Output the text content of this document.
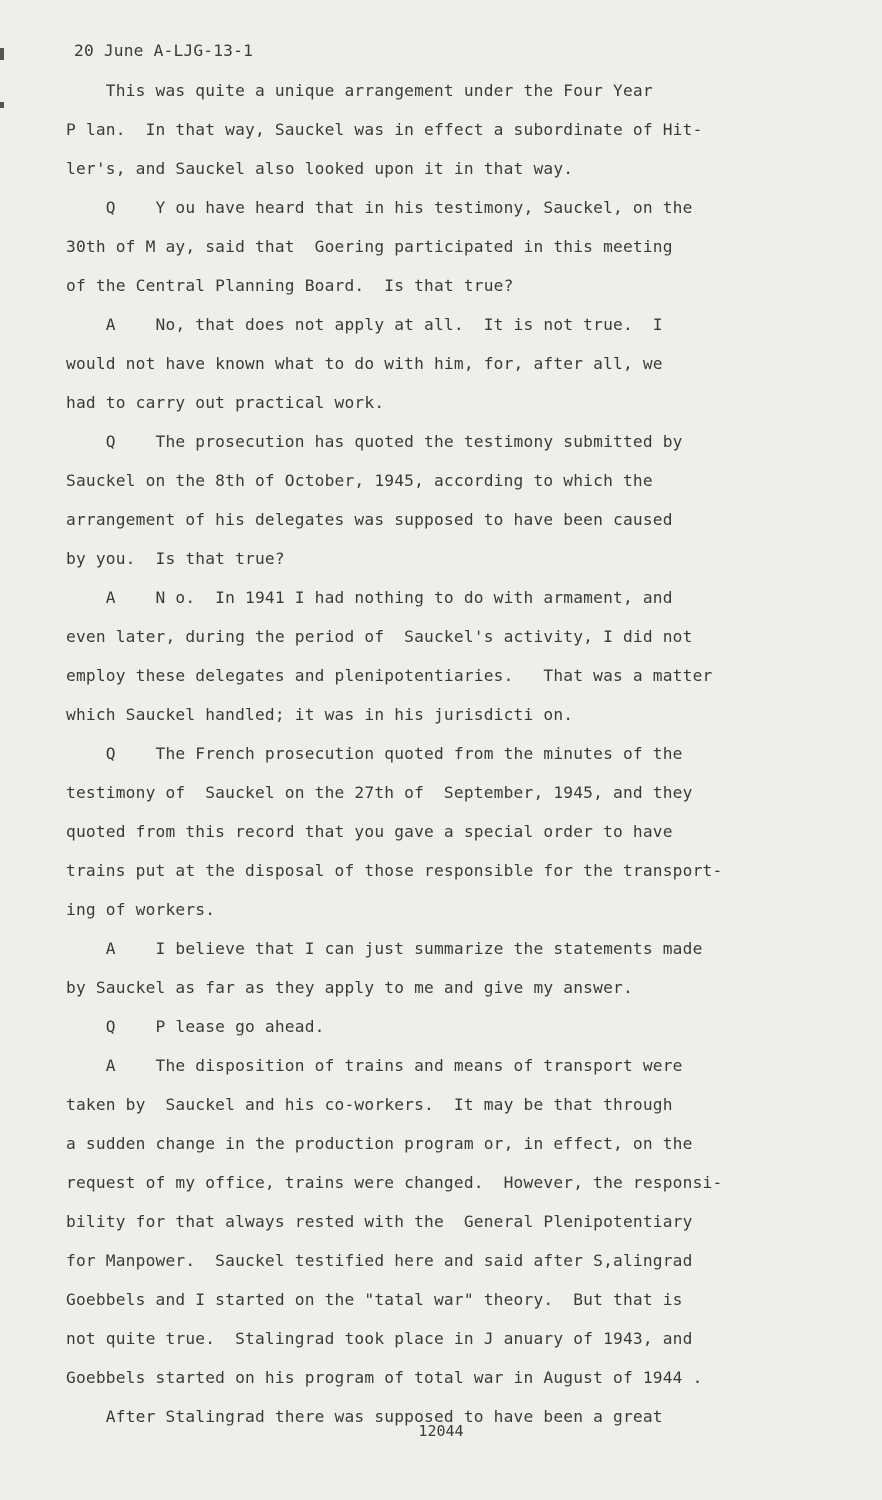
20 June A-LJG-13-1
This was quite a unique arrangement under the Four Year
P lan.  In that way, Sauckel was in effect a subordinate of Hit-
ler's, and Sauckel also looked upon it in that way.
Q    Y ou have heard that in his testimony, Sauckel, on the
30th of M ay, said that  Goering participated in this meeting
of the Central Planning Board.  Is that true?
A    No, that does not apply at all.  It is not true.  I
would not have known what to do with him, for, after all, we
had to carry out practical work.
Q    The prosecution has quoted the testimony submitted by
Sauckel on the 8th of October, 1945, according to which the
arrangement of his delegates was supposed to have been caused
by you.  Is that true?
A    N o.  In 1941 I had nothing to do with armament, and
even later, during the period of  Sauckel's activity, I did not
employ these delegates and plenipotentiaries.   That was a matter
which Sauckel handled; it was in his jurisdicti on.
Q    The French prosecution quoted from the minutes of the
testimony of  Sauckel on the 27th of  September, 1945, and they
quoted from this record that you gave a special order to have
trains put at the disposal of those responsible for the transport-
ing of workers.
A    I believe that I can just summarize the statements made
by Sauckel as far as they apply to me and give my answer.
Q    P lease go ahead.
A    The disposition of trains and means of transport were
taken by  Sauckel and his co-workers.  It may be that through
a sudden change in the production program or, in effect, on the
request of my office, trains were changed.  However, the responsi-
bility for that always rested with the  General Plenipotentiary
for Manpower.  Sauckel testified here and said after S,alingrad
Goebbels and I started on the "tatal war" theory.  But that is
not quite true.  Stalingrad took place in J anuary of 1943, and
Goebbels started on his program of total war in August of 1944 .
After Stalingrad there was supposed to have been a great
12044
